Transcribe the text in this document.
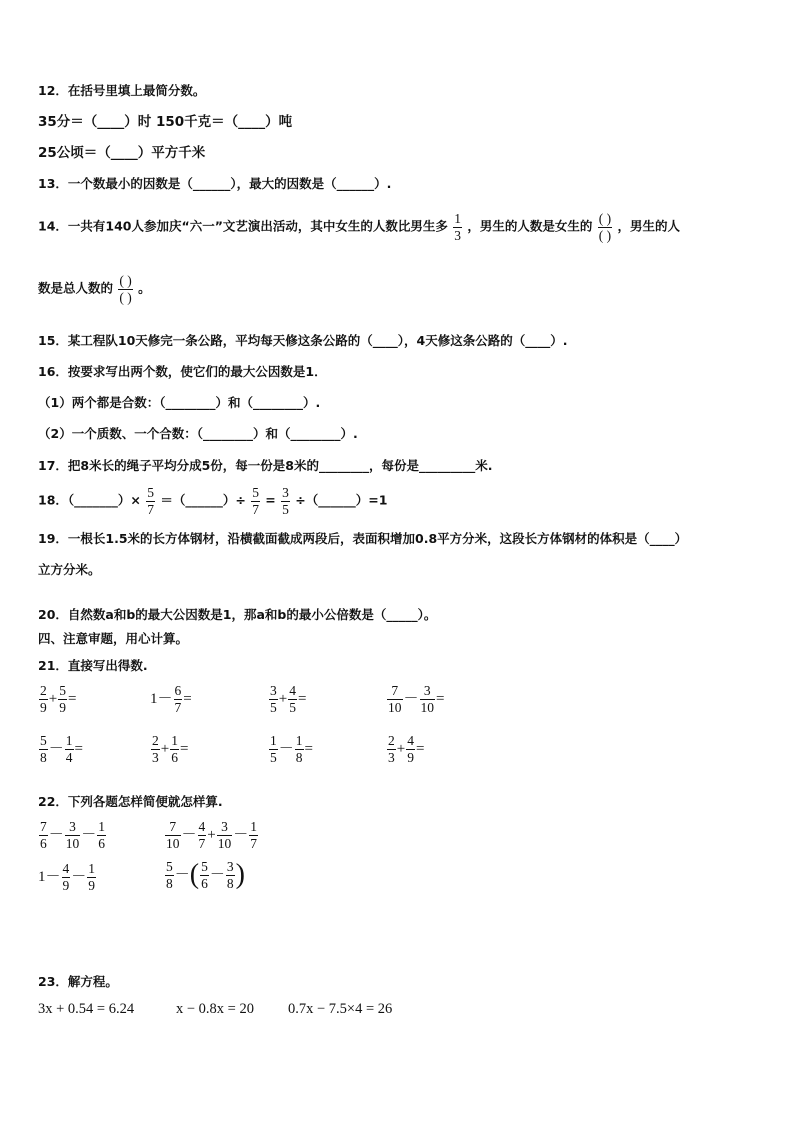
12．在括号里填上最简分数。
35分＝（____）时 150千克＝（____）吨
25公顷＝（____）平方千米
13．一个数最小的因数是（______），最大的因数是（______）.
14．一共有140人参加庆“六一”文艺演出活动，其中女生的人数比男生多 $\frac{1}{3}$ ，男生的人数是女生的 $\frac{( )}{( )}$ ，男生的人
数是总人数的 $\frac{( )}{( )}$ 。
15．某工程队10天修完一条公路，平均每天修这条公路的（____），4天修这条公路的（____）.
16．按要求写出两个数，使它们的最大公因数是1．
（1）两个都是合数：（________）和（________）.
（2）一个质数、一个合数：（________）和（________）.
17．把8米长的绳子平均分成5份，每一份是8米的________，每份是_________米.
18．（_______）× $\frac{5}{7}$ ＝（______）÷ $\frac{5}{7} = \frac{3}{5}$ ÷（______）=1
19．一根长1.5米的长方体钢材，沿横截面截成两段后，表面积增加0.8平方分米，这段长方体钢材的体积是（____）
立方分米。
20．自然数a和b的最大公因数是1，那a和b的最小公倍数是（_____）。
四、注意审题，用心计算。
21．直接写出得数.
$\frac{2}{9} + \frac{5}{9}$ =	$1- \frac{6}{7}$ =	$\frac{3}{5} + \frac{4}{5}$ =	$\frac{7}{10} - \frac{3}{10}$ =
$\frac{5}{8} - \frac{1}{4}$ =	$\frac{2}{3} + \frac{1}{6}$ =	$\frac{1}{5} - \frac{1}{8}$ =	$\frac{2}{3} + \frac{4}{9}$ =
22．下列各题怎样简便就怎样算.
$\frac{7}{6} - \frac{3}{10} - \frac{1}{6}$	$\frac{7}{10} - \frac{4}{7} + \frac{3}{10} - \frac{1}{7}$
$1- \frac{4}{9} - \frac{1}{9}$	$\frac{5}{8}$ －( $\frac{5}{6} - \frac{3}{8}$ )
23．解方程。
3x + 0.54 = 6.24	x − 0.8x = 20 0.7x − 7.5×4 = 26
